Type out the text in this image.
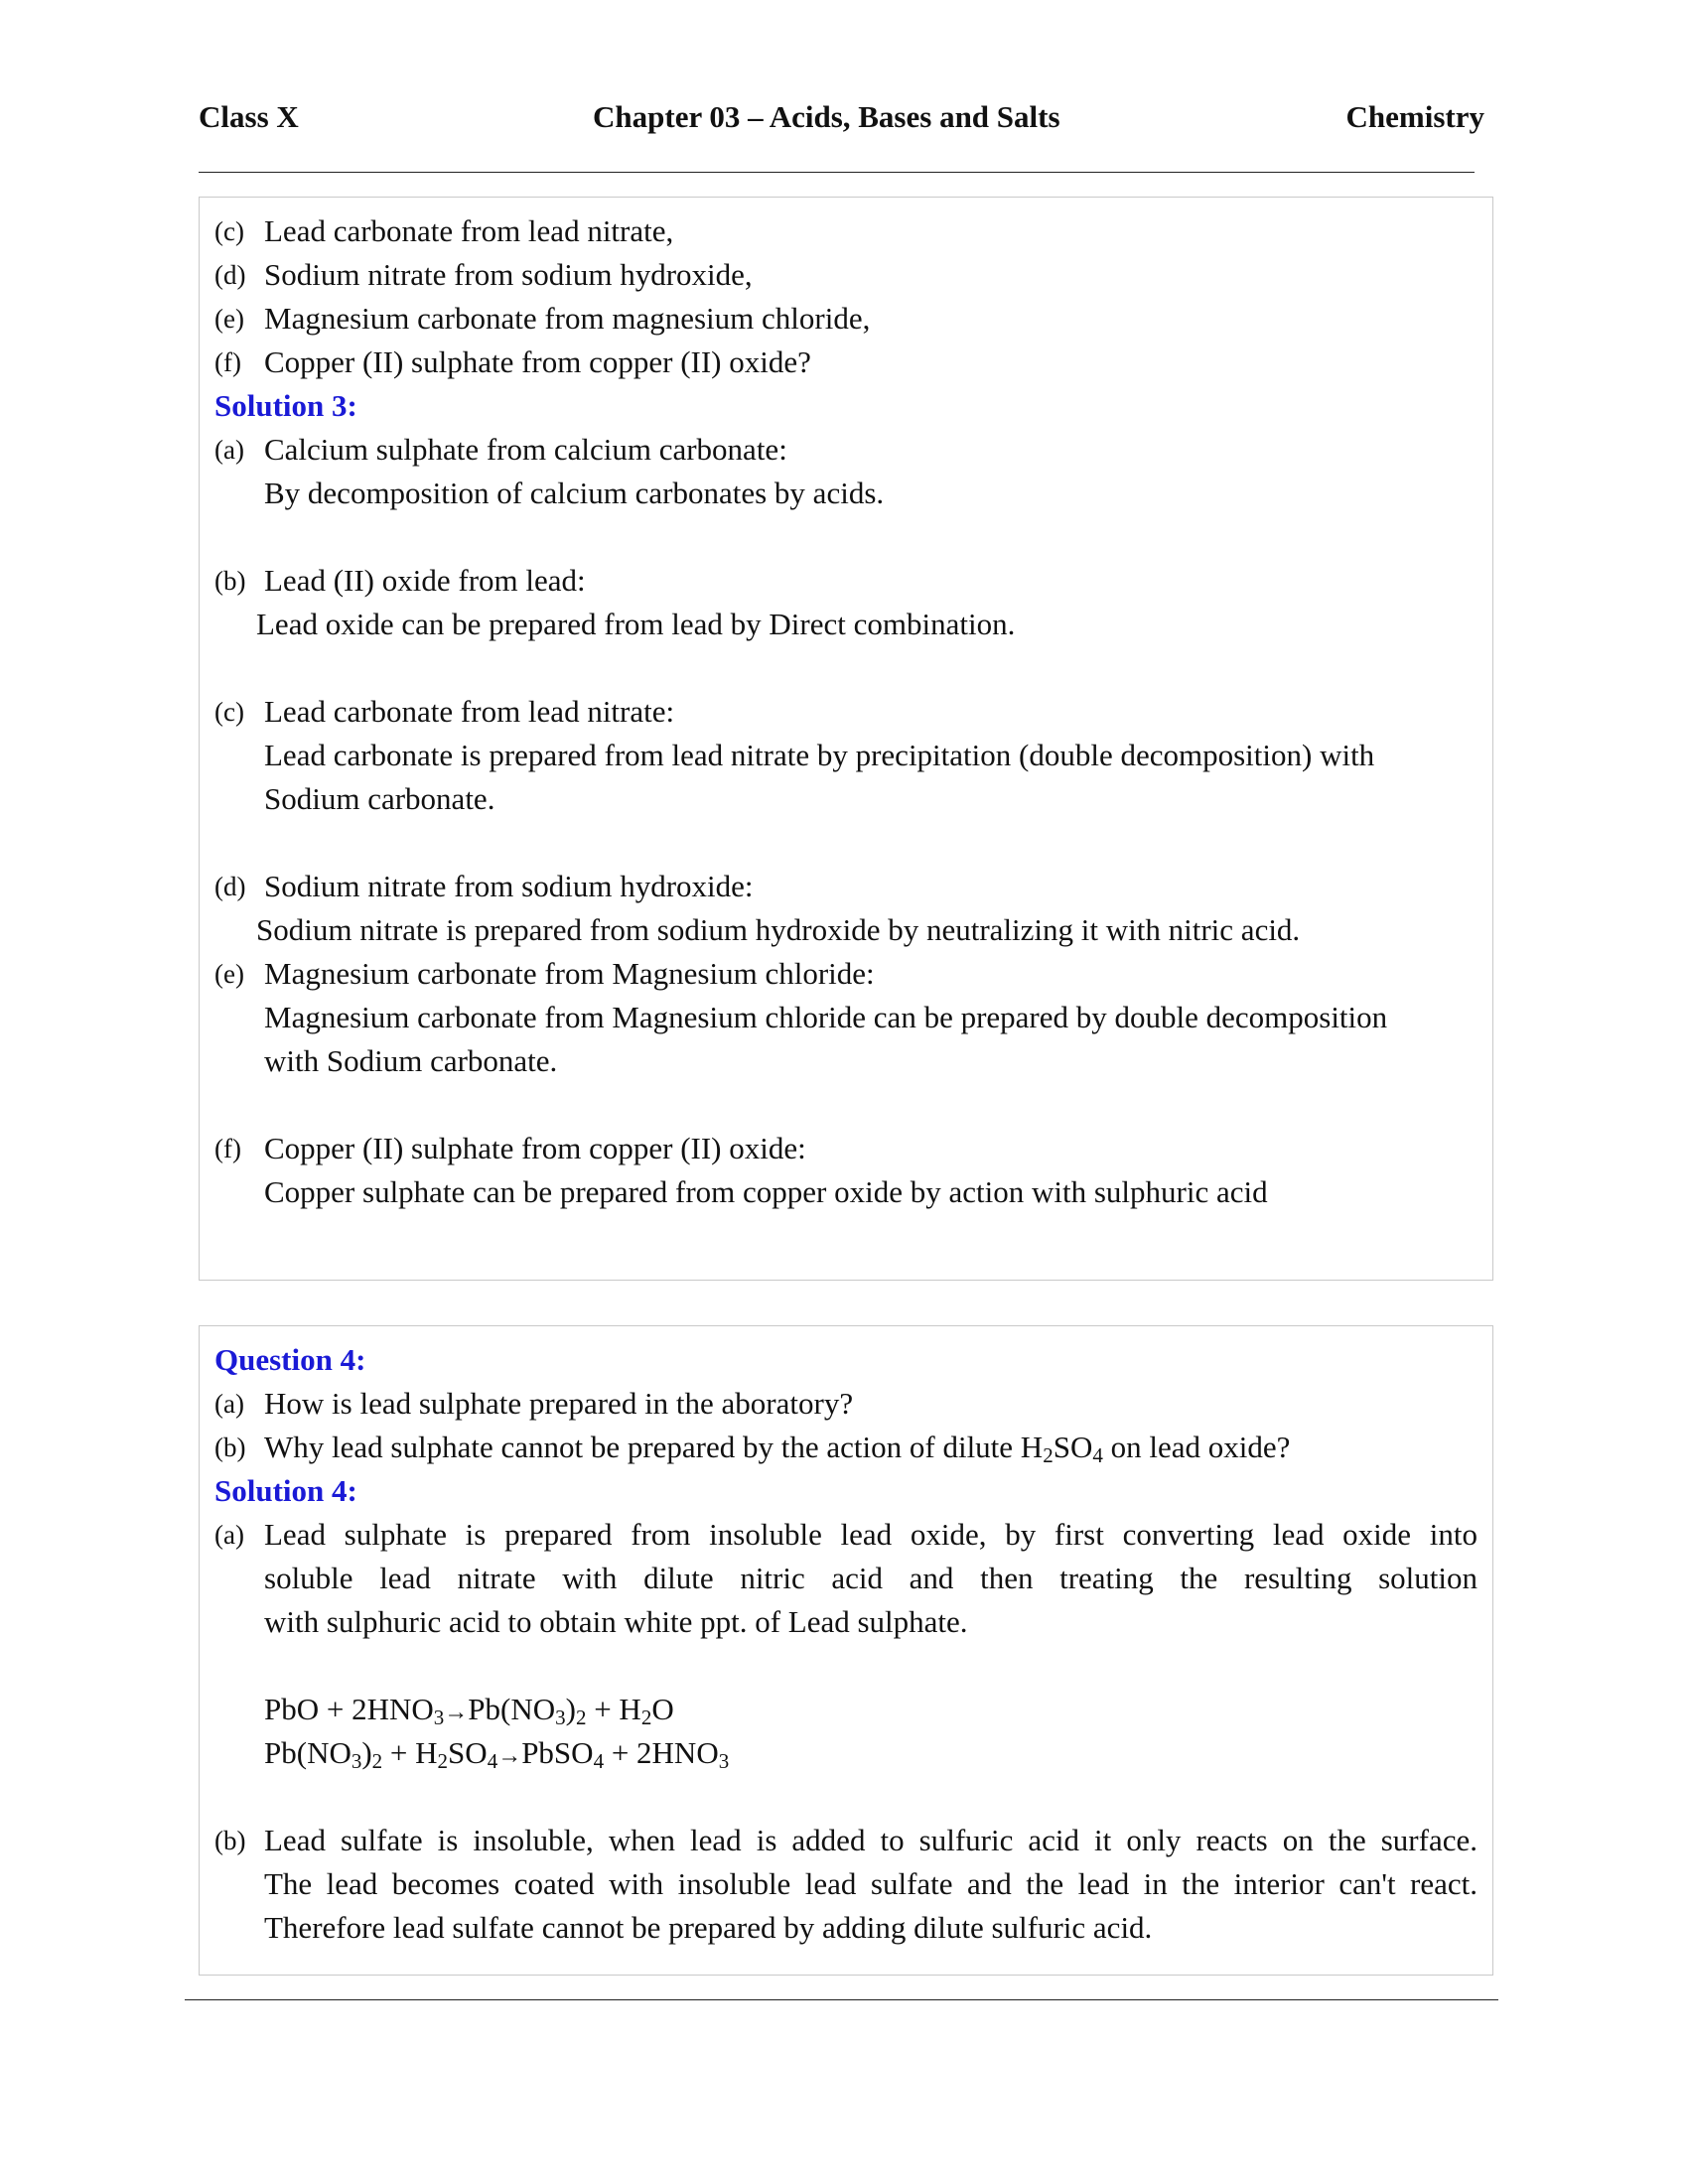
Class X	Chapter 03 – Acids, Bases and Salts	Chemistry
(c) Lead carbonate from lead nitrate,
(d) Sodium nitrate from sodium hydroxide,
(e) Magnesium carbonate from magnesium chloride,
(f) Copper (II) sulphate from copper (II) oxide?
Solution 3:
(a) Calcium sulphate from calcium carbonate:
By decomposition of calcium carbonates by acids.
(b) Lead (II) oxide from lead:
Lead oxide can be prepared from lead by Direct combination.
(c) Lead carbonate from lead nitrate:
Lead carbonate is prepared from lead nitrate by precipitation (double decomposition) with
Sodium carbonate.
(d) Sodium nitrate from sodium hydroxide:
Sodium nitrate is prepared from sodium hydroxide by neutralizing it with nitric acid.
(e) Magnesium carbonate from Magnesium chloride:
Magnesium carbonate from Magnesium chloride can be prepared by double decomposition
with Sodium carbonate.
(f) Copper (II) sulphate from copper (II) oxide:
Copper sulphate can be prepared from copper oxide by action with sulphuric acid
Question 4:
(a) How is lead sulphate prepared in the aboratory?
(b) Why lead sulphate cannot be prepared by the action of dilute $H_2SO_4$ on lead oxide?
Solution 4:
(a) Lead sulphate is prepared from insoluble lead oxide, by first converting lead oxide into
soluble lead nitrate with dilute nitric acid and then treating the resulting solution
with sulphuric acid to obtain white ppt. of Lead sulphate.
PbO + $2HNO_3\to Pb(NO_3)_2 + H_2O$
$Pb(NO_3)_2$ + $H_2SO_4\to PbSO_4 + 2HNO_3$
(b) Lead sulfate is insoluble, when lead is added to sulfuric acid it only reacts on the surface.
The lead becomes coated with insoluble lead sulfate and the lead in the interior can't react.
Therefore lead sulfate cannot be prepared by adding dilute sulfuric acid.
